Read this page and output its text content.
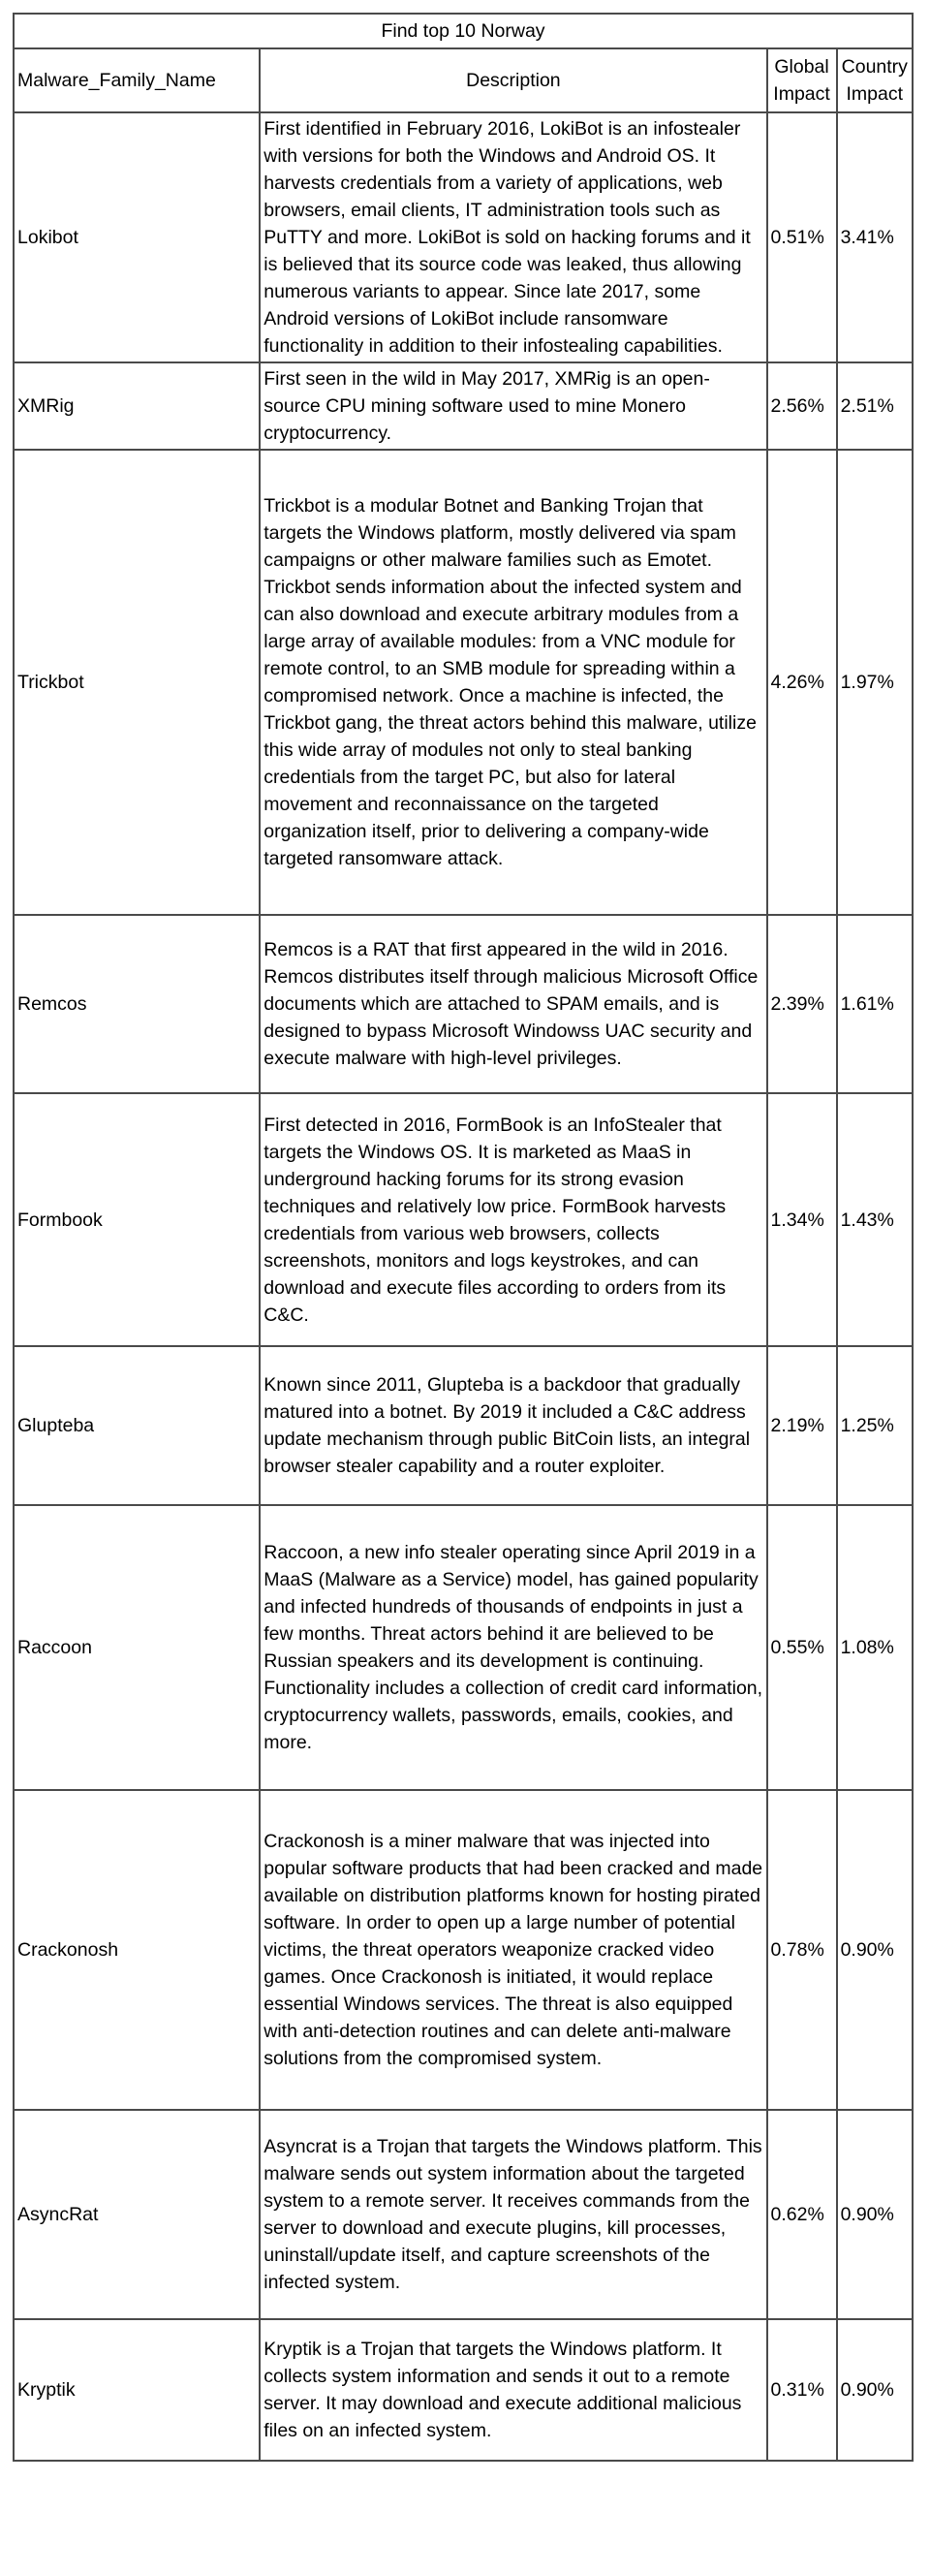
Find top 10 Norway			
Malware_Family_Name	Description	Global Impact	Country Impact
Lokibot	First identified in February 2016, LokiBot is an infostealer with versions for both the Windows and Android OS. It harvests credentials from a variety of applications, web browsers, email clients, IT administration tools such as PuTTY and more. LokiBot is sold on hacking forums and it is believed that its source code was leaked, thus allowing numerous variants to appear. Since late 2017, some Android versions of LokiBot include ransomware functionality in addition to their infostealing capabilities.	0.51%	3.41%
XMRig	First seen in the wild in May 2017, XMRig is an open-source CPU mining software used to mine Monero cryptocurrency.	2.56%	2.51%
Trickbot	Trickbot is a modular Botnet and Banking Trojan that targets the Windows platform, mostly delivered via spam campaigns or other malware families such as Emotet. Trickbot sends information about the infected system and can also download and execute arbitrary modules from a large array of available modules: from a VNC module for remote control, to an SMB module for spreading within a compromised network. Once a machine is infected, the Trickbot gang, the threat actors behind this malware, utilize this wide array of modules not only to steal banking credentials from the target PC, but also for lateral movement and reconnaissance on the targeted organization itself, prior to delivering a company-wide targeted ransomware attack.	4.26%	1.97%
Remcos	Remcos is a RAT that first appeared in the wild in 2016. Remcos distributes itself through malicious Microsoft Office documents which are attached to SPAM emails, and is designed to bypass Microsoft Windowss UAC security and execute malware with high-level privileges.	2.39%	1.61%
Formbook	First detected in 2016, FormBook is an InfoStealer that targets the Windows OS. It is marketed as MaaS in underground hacking forums for its strong evasion techniques and relatively low price. FormBook harvests credentials from various web browsers, collects screenshots, monitors and logs keystrokes, and can download and execute files according to orders from its C&C.	1.34%	1.43%
Glupteba	Known since 2011, Glupteba is a backdoor that gradually matured into a botnet. By 2019 it included a C&C address update mechanism through public BitCoin lists, an integral browser stealer capability and a router exploiter.	2.19%	1.25%
Raccoon	Raccoon, a new info stealer operating since April 2019 in a MaaS (Malware as a Service) model, has gained popularity and infected hundreds of thousands of endpoints in just a few months. Threat actors behind it are believed to be Russian speakers and its development is continuing. Functionality includes a collection of credit card information, cryptocurrency wallets, passwords, emails, cookies, and more.	0.55%	1.08%
Crackonosh	Crackonosh is a miner malware that was injected into popular software products that had been cracked and made available on distribution platforms known for hosting pirated software. In order to open up a large number of potential victims, the threat operators weaponize cracked video games. Once Crackonosh is initiated, it would replace essential Windows services. The threat is also equipped with anti-detection routines and can delete anti-malware solutions from the compromised system.	0.78%	0.90%
AsyncRat	Asyncrat is a Trojan that targets the Windows platform. This malware sends out system information about the targeted system to a remote server. It receives commands from the server to download and execute plugins, kill processes, uninstall/update itself, and capture screenshots of the infected system.	0.62%	0.90%
Kryptik	Kryptik is a Trojan that targets the Windows platform. It collects system information and sends it out to a remote server. It may download and execute additional malicious files on an infected system.	0.31%	0.90%
